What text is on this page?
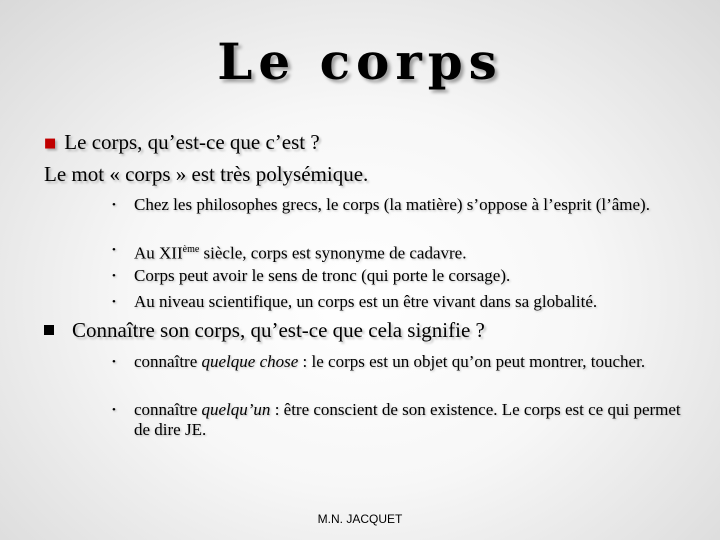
Le corps
■ Le corps, qu’est-ce que c’est ?
Le mot « corps » est très polysémique.
• Chez les philosophes grecs, le corps (la matière) s’oppose à l’esprit (l’âme).
• Au XIIème siècle, corps est synonyme de cadavre.
• Corps peut avoir le sens de tronc (qui porte le corsage).
• Au niveau scientifique, un corps est un être vivant dans sa globalité.
Connaître son corps, qu’est-ce que cela signifie ?
• connaître quelque chose : le corps est un objet qu’on peut montrer, toucher.
• connaître quelqu’un : être conscient de son existence. Le corps est ce qui permet de dire JE.
M.N. JACQUET
